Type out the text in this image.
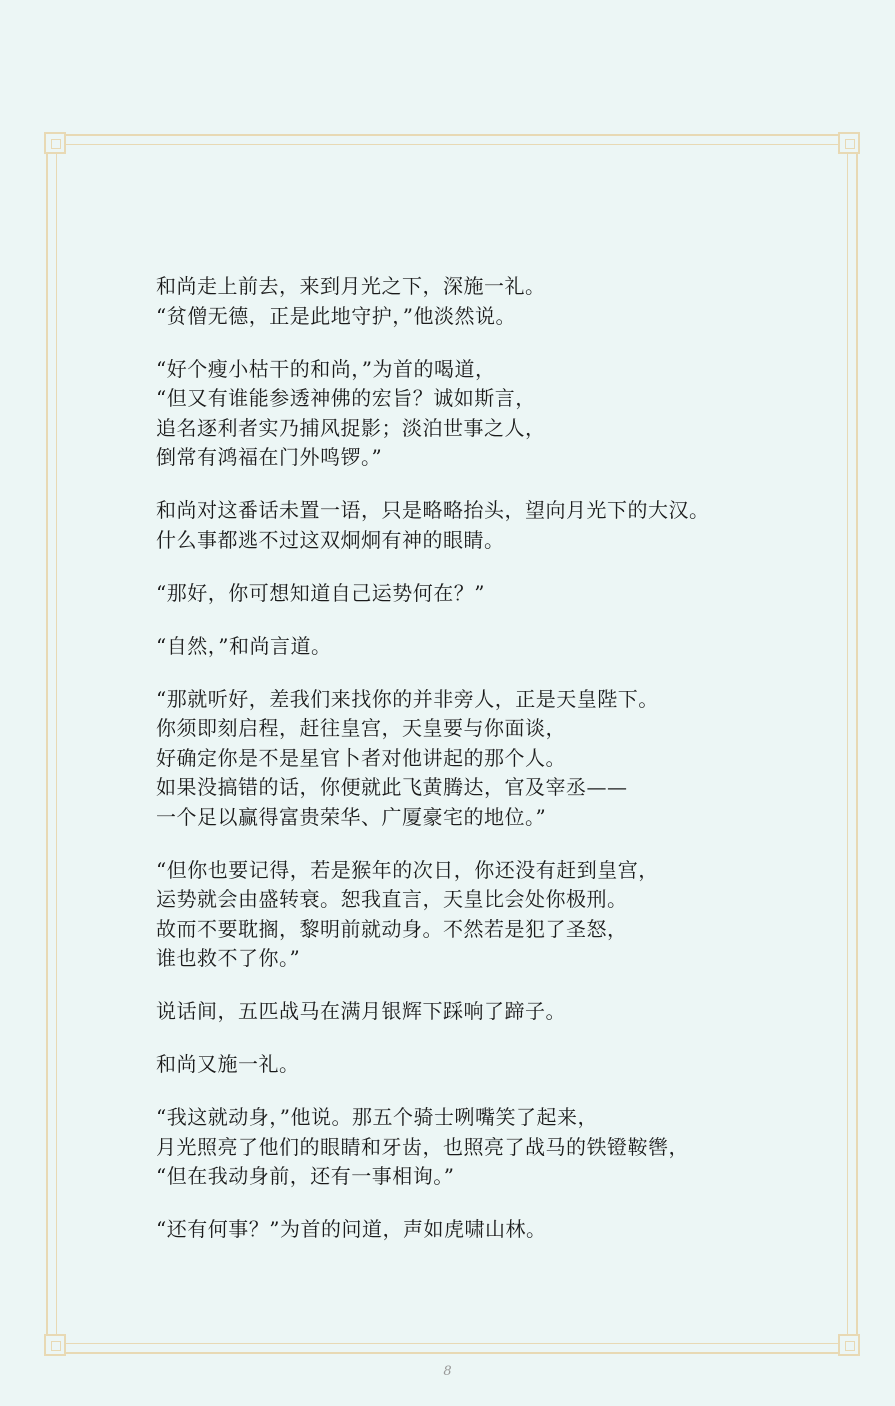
和尚走上前去，来到月光之下，深施一礼。
“贫僧无德，正是此地守护，”他淡然说。
“好个瘦小枯干的和尚，”为首的喝道，
“但又有谁能参透神佛的宏旨？诚如斯言，
追名逐利者实乃捕风捉影；淡泊世事之人，
倒常有鸿福在门外鸣锣。”
和尚对这番话未置一语，只是略略抬头，望向月光下的大汉。
什么事都逃不过这双炯炯有神的眼睛。
“那好，你可想知道自己运势何在？”
“自然，”和尚言道。
“那就听好，差我们来找你的并非旁人，正是天皇陛下。
你须即刻启程，赶往皇宫，天皇要与你面谈，
好确定你是不是星官卜者对他讲起的那个人。
如果没搞错的话，你便就此飞黄腾达，官及宰丞——
一个足以赢得富贵荣华、广厦豪宅的地位。”
“但你也要记得，若是猴年的次日，你还没有赶到皇宫，
运势就会由盛转衰。恕我直言，天皇比会处你极刑。
故而不要耽搁，黎明前就动身。不然若是犯了圣怒，
谁也救不了你。”
说话间，五匹战马在满月银辉下踩响了蹄子。
和尚又施一礼。
“我这就动身，”他说。那五个骑士咧嘴笑了起来，
月光照亮了他们的眼睛和牙齿，也照亮了战马的铁镫鞍辔，
“但在我动身前，还有一事相询。”
“还有何事？”为首的问道，声如虎啸山林。
8
